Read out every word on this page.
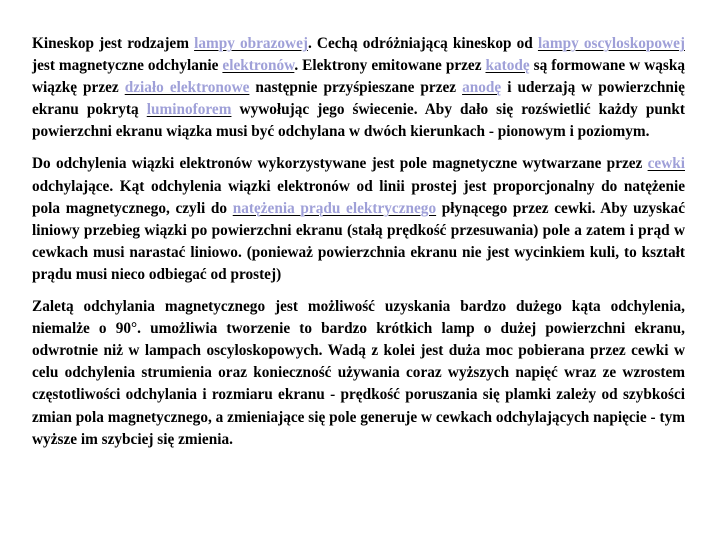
Kineskop jest rodzajem lampy obrazowej. Cechą odróżniającą kineskop od lampy oscyloskopowej jest magnetyczne odchylanie elektronów. Elektrony emitowane przez katodę są formowane w wąską wiązkę przez działo elektronowe następnie przyśpieszane przez anodę i uderzają w powierzchnię ekranu pokrytą luminoforem wywołując jego świecenie. Aby dało się rozświetlić każdy punkt powierzchni ekranu wiązka musi być odchylana w dwóch kierunkach - pionowym i poziomym.

Do odchylenia wiązki elektronów wykorzystywane jest pole magnetyczne wytwarzane przez cewki odchylające. Kąt odchylenia wiązki elektronów od linii prostej jest proporcjonalny do natężenie pola magnetycznego, czyli do natężenia prądu elektrycznego płynącego przez cewki. Aby uzyskać liniowy przebieg wiązki po powierzchni ekranu (stałą prędkość przesuwania) pole a zatem i prąd w cewkach musi narastać liniowo. (ponieważ powierzchnia ekranu nie jest wycinkiem kuli, to kształt prądu musi nieco odbiegać od prostej)

Zaletą odchylania magnetycznego jest możliwość uzyskania bardzo dużego kąta odchylenia, niemalże o 90°. umożliwia tworzenie to bardzo krótkich lamp o dużej powierzchni ekranu, odwrotnie niż w lampach oscyloskopowych. Wadą z kolei jest duża moc pobierana przez cewki w celu odchylenia strumienia oraz konieczność używania coraz wyższych napięć wraz ze wzrostem częstotliwości odchylania i rozmiaru ekranu - prędkość poruszania się plamki zależy od szybkości zmian pola magnetycznego, a zmieniające się pole generuje w cewkach odchylających napięcie - tym wyższe im szybciej się zmienia.
